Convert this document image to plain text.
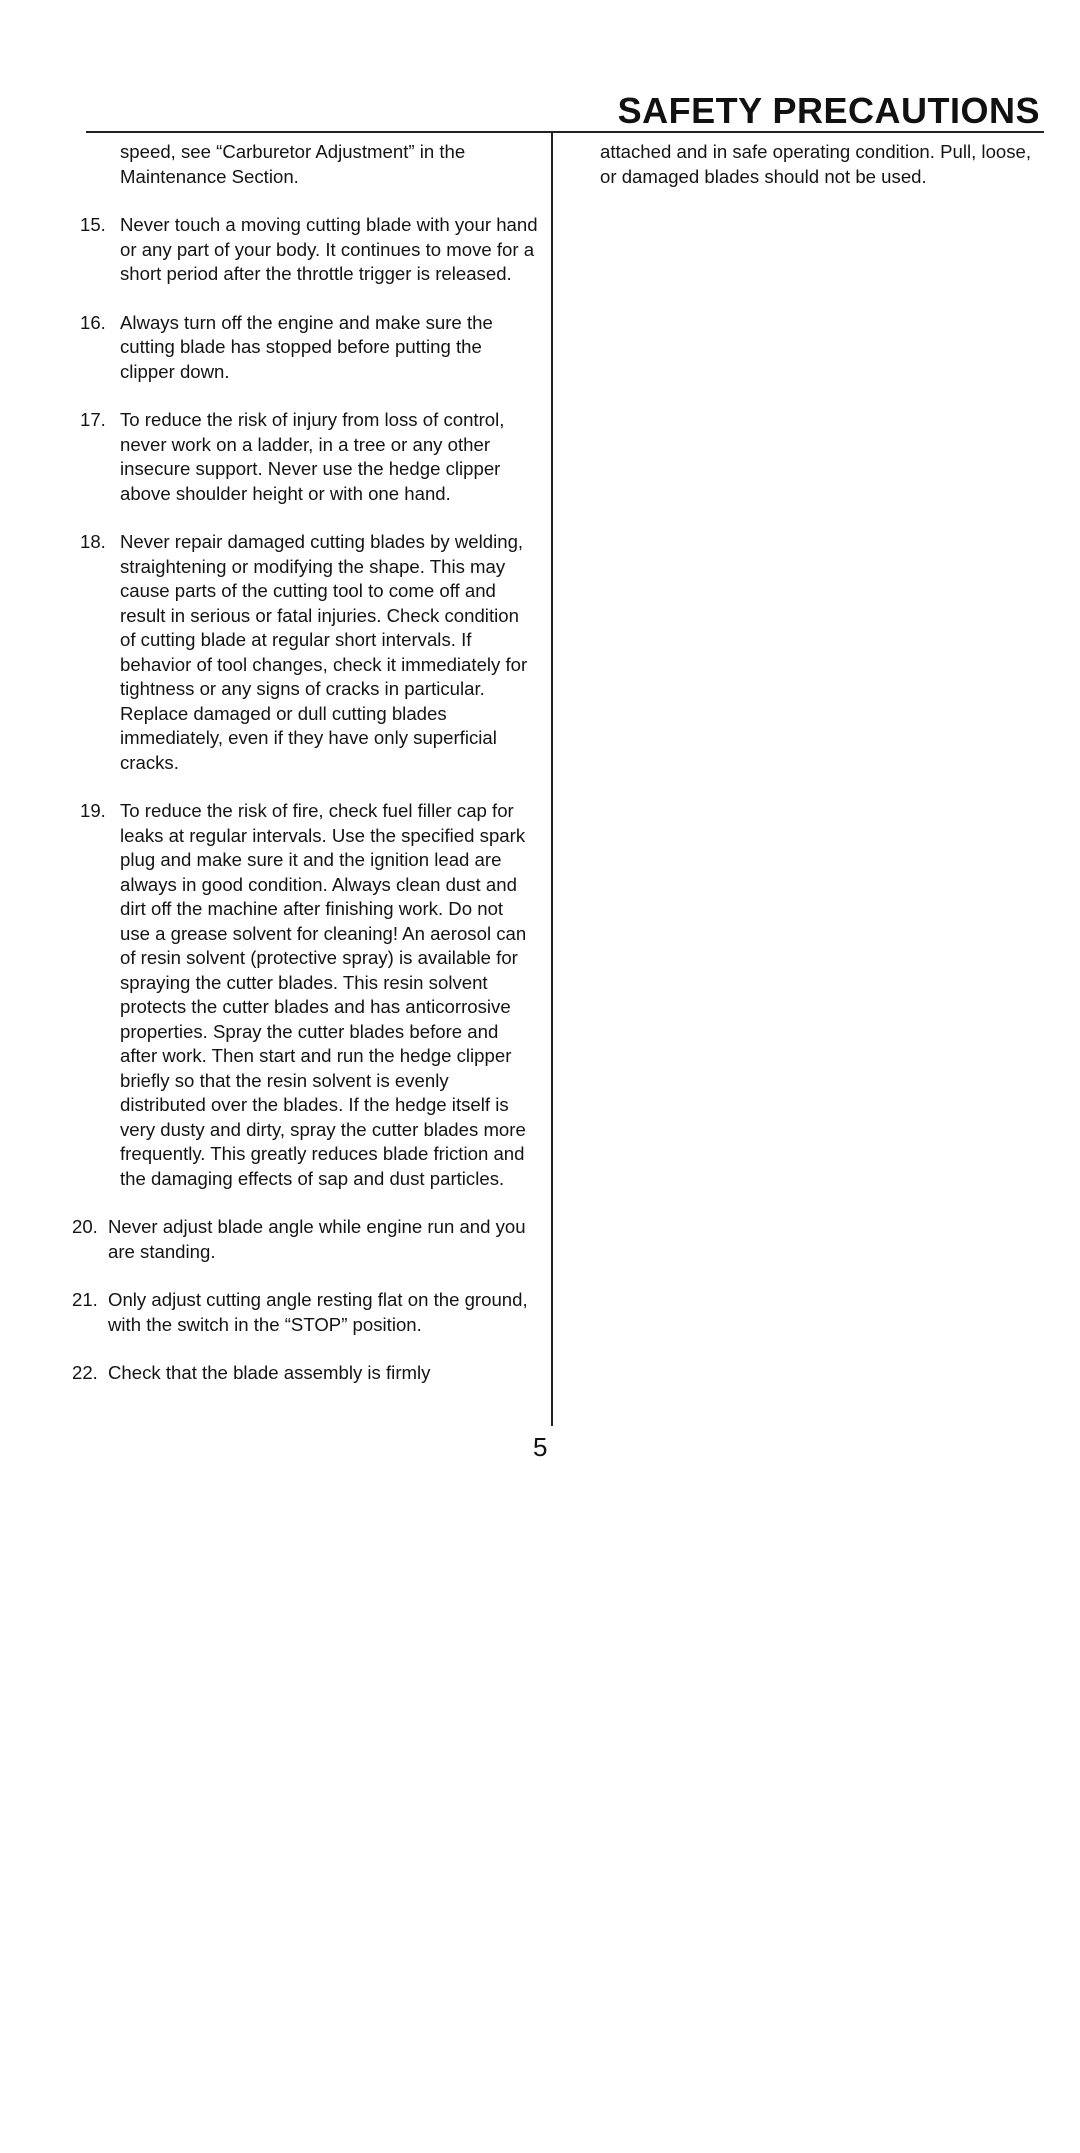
SAFETY PRECAUTIONS

speed, see “Carburetor Adjustment” in the Maintenance Section.

15. Never touch a moving cutting blade with your hand or any part of your body. It continues to move for a short period after the throttle trigger is released.
16. Always turn off the engine and make sure the cutting blade has stopped before putting the clipper down.
17. To reduce the risk of injury from loss of control, never work on a ladder, in a tree or any other insecure support. Never use the hedge clipper above shoulder height or with one hand.
18. Never repair damaged cutting blades by welding, straightening or modifying the shape. This may cause parts of the cutting tool to come off and result in serious or fatal injuries. Check condition of cutting blade at regular short intervals. If behavior of tool changes, check it immediately for tightness or any signs of cracks in particular. Replace damaged or dull cutting blades immediately, even if they have only superficial cracks.
19. To reduce the risk of fire, check fuel filler cap for leaks at regular intervals. Use the specified spark plug and make sure it and the ignition lead are always in good condition. Always clean dust and dirt off the machine after finishing work. Do not use a grease solvent for cleaning! An aerosol can of resin solvent (protective spray) is available for spraying the cutter blades. This resin solvent protects the cutter blades and has anticorrosive properties. Spray the cutter blades before and after work. Then start and run the hedge clipper briefly so that the resin solvent is evenly distributed over the blades. If the hedge itself is very dusty and dirty, spray the cutter blades more frequently. This greatly reduces blade friction and the damaging effects of sap and dust particles.
20. Never adjust blade angle while engine run and you are standing.
21. Only adjust cutting angle resting flat on the ground, with the switch in the “STOP” position.
22. Check that the blade assembly is firmly

attached and in safe operating condition. Pull, loose, or damaged blades should not be used.

5
